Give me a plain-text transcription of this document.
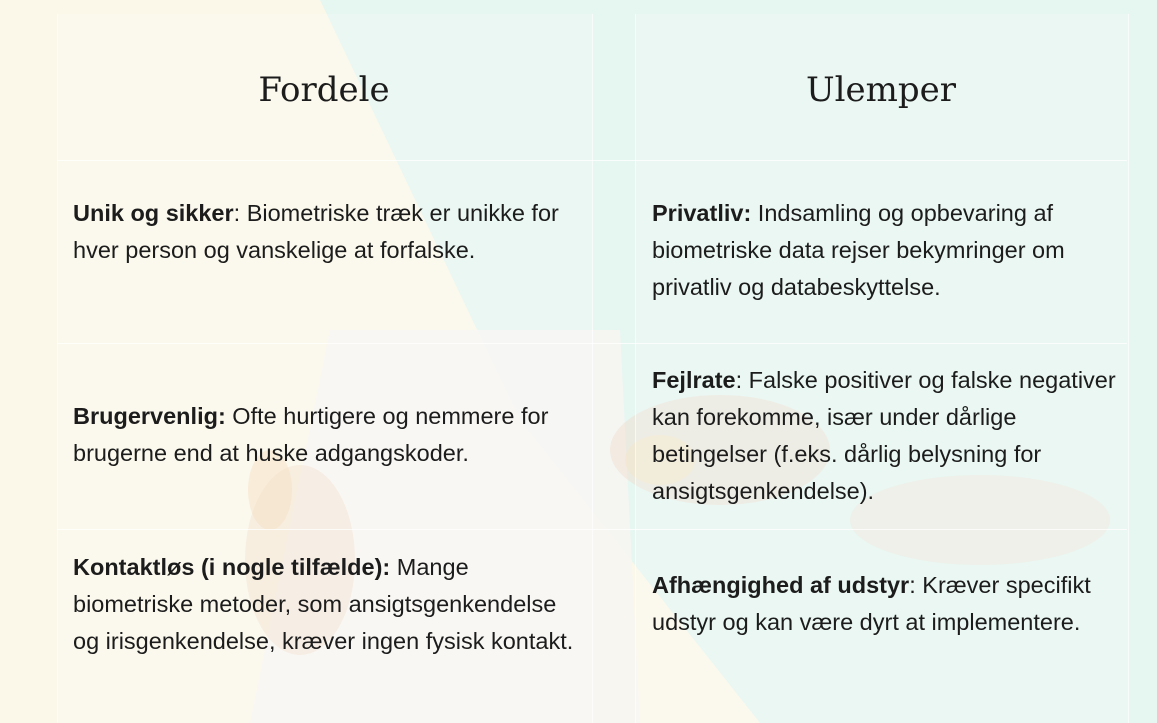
Fordele	Ulemper
Unik og sikker: Biometriske træk er unikke for hver person og vanskelige at forfalske.
Privatliv: Indsamling og opbevaring af biometriske data rejser bekymringer om privatliv og databeskyttelse.
Brugervenlig: Ofte hurtigere og nemmere for brugerne end at huske adgangskoder.
Fejlrate: Falske positiver og falske negativer kan forekomme, især under dårlige betingelser (f.eks. dårlig belysning for ansigtsgenkendelse).
Kontaktløs (i nogle tilfælde): Mange biometriske metoder, som ansigtsgenkendelse og irisgenkendelse, kræver ingen fysisk kontakt.
Afhængighed af udstyr: Kræver specifikt udstyr og kan være dyrt at implementere.
